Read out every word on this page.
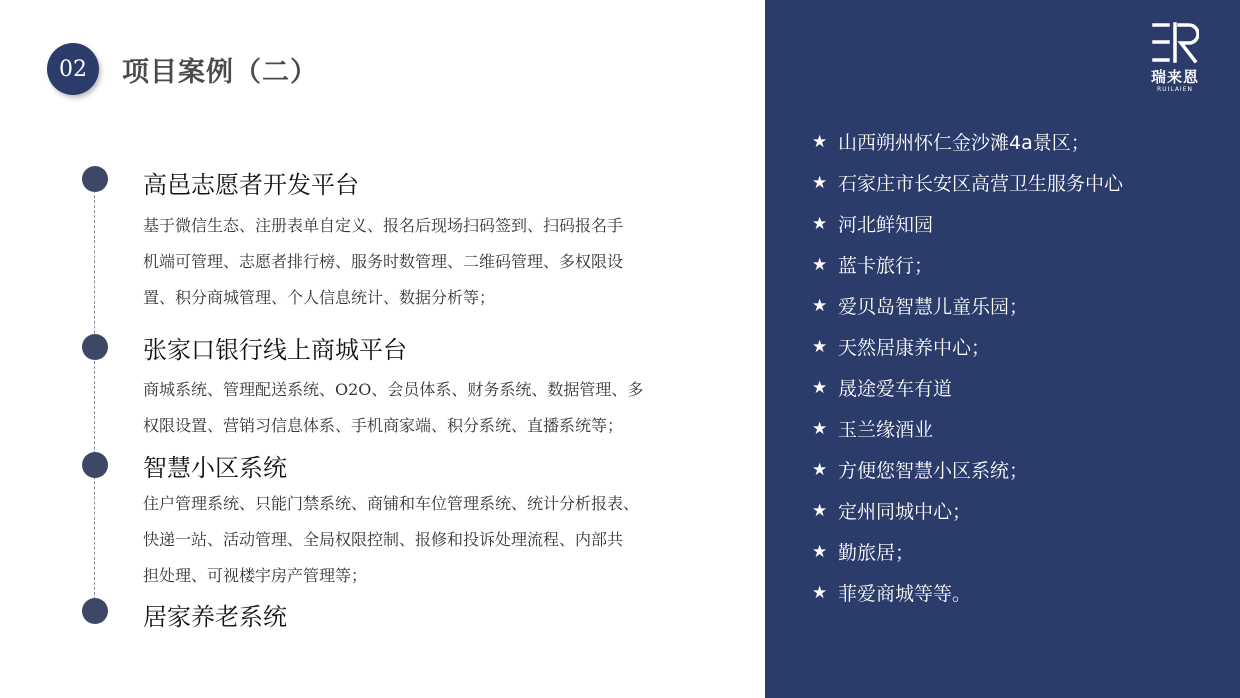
02	项目案例（二）
高邑志愿者开发平台
基于微信生态、注册表单自定义、报名后现场扫码签到、扫码报名手
机端可管理、志愿者排行榜、服务时数管理、二维码管理、多权限设
置、积分商城管理、个人信息统计、数据分析等；
张家口银行线上商城平台
商城系统、管理配送系统、O2O、会员体系、财务系统、数据管理、多
权限设置、营销习信息体系、手机商家端、积分系统、直播系统等；
智慧小区系统
住户管理系统、只能门禁系统、商铺和车位管理系统、统计分析报表、
快递一站、活动管理、全局权限控制、报修和投诉处理流程、内部共
担处理、可视楼宇房产管理等；
居家养老系统
瑞来恩
RUILAIEN
★ 山西朔州怀仁金沙滩4a景区；
★ 石家庄市长安区高营卫生服务中心
★ 河北鲜知园
★ 蓝卡旅行；
★ 爱贝岛智慧儿童乐园；
★ 天然居康养中心；
★ 晟途爱车有道
★ 玉兰缘酒业
★ 方便您智慧小区系统；
★ 定州同城中心；
★ 勤旅居；
★ 菲爱商城等等。
